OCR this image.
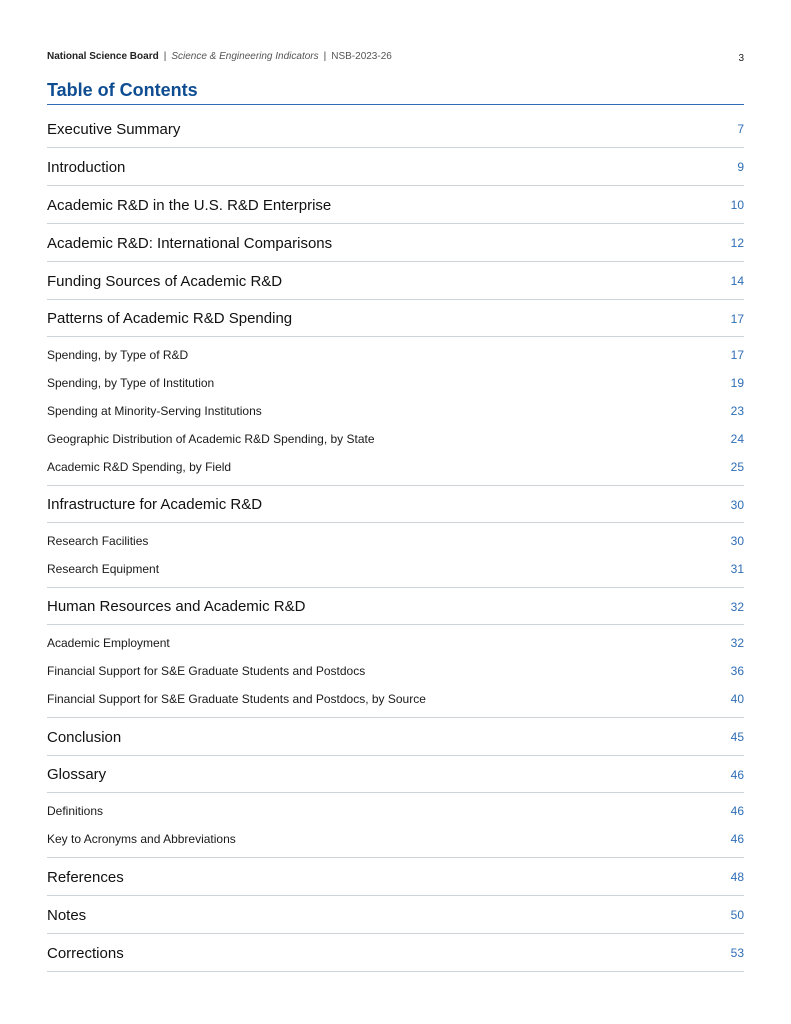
National Science Board | Science & Engineering Indicators | NSB-2023-26	3
Table of Contents
Executive Summary	7
Introduction	9
Academic R&D in the U.S. R&D Enterprise	10
Academic R&D: International Comparisons	12
Funding Sources of Academic R&D	14
Patterns of Academic R&D Spending	17
Spending, by Type of R&D	17
Spending, by Type of Institution	19
Spending at Minority-Serving Institutions	23
Geographic Distribution of Academic R&D Spending, by State	24
Academic R&D Spending, by Field	25
Infrastructure for Academic R&D	30
Research Facilities	30
Research Equipment	31
Human Resources and Academic R&D	32
Academic Employment	32
Financial Support for S&E Graduate Students and Postdocs	36
Financial Support for S&E Graduate Students and Postdocs, by Source	40
Conclusion	45
Glossary	46
Definitions	46
Key to Acronyms and Abbreviations	46
References	48
Notes	50
Corrections	53
